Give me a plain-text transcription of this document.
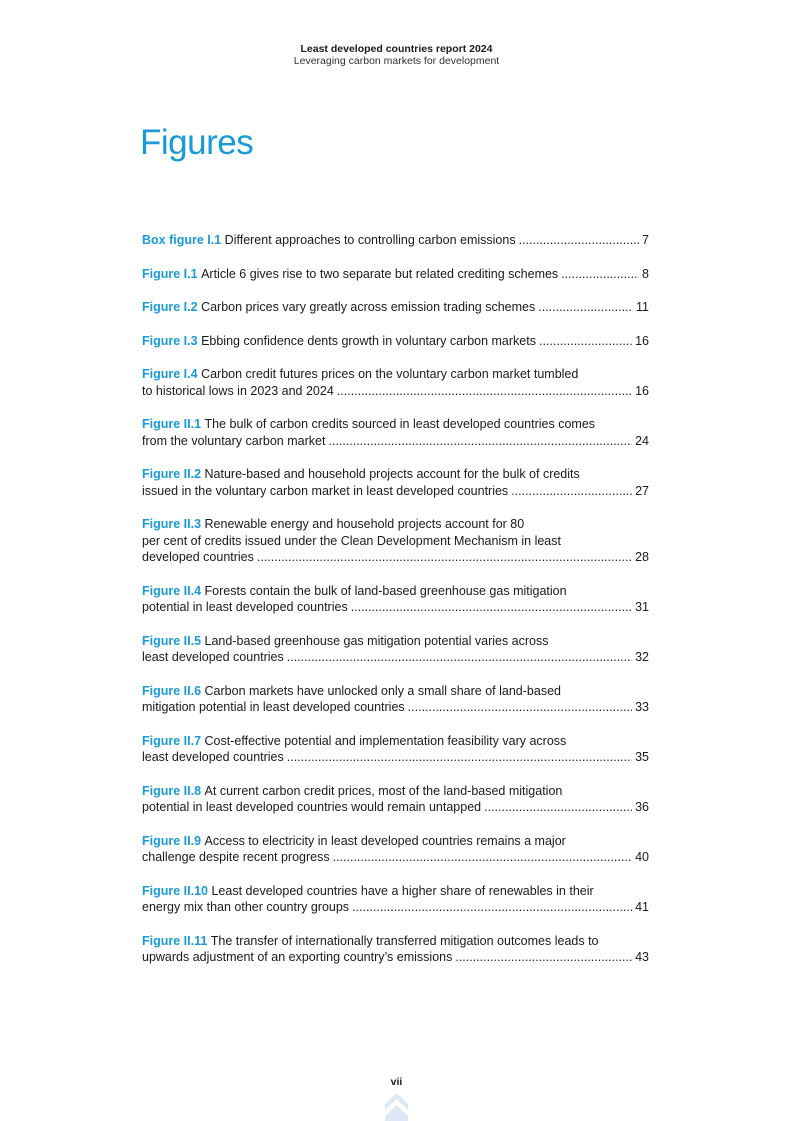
Least developed countries report 2024
Leveraging carbon markets for development
Figures
Box figure I.1
Different approaches to controlling carbon emissions .....	7
Figure I.1
Article 6 gives rise to two separate but related crediting schemes .....	8
Figure I.2
Carbon prices vary greatly across emission trading schemes .....	11
Figure I.3
Ebbing confidence dents growth in voluntary carbon markets .....	16
Figure I.4
Carbon credit futures prices on the voluntary carbon market tumbled
to historical lows in 2023 and 2024 .....	16
Figure II.1
The bulk of carbon credits sourced in least developed countries comes
from the voluntary carbon market .....	24
Figure II.2
Nature-based and household projects account for the bulk of credits
issued in the voluntary carbon market in least developed countries .....	27
Figure II.3
Renewable energy and household projects account for 80
per cent of credits issued under the Clean Development Mechanism in least
developed countries .....	28
Figure II.4
Forests contain the bulk of land-based greenhouse gas mitigation
potential in least developed countries .....	31
Figure II.5
Land-based greenhouse gas mitigation potential varies across
least developed countries .....	32
Figure II.6
Carbon markets have unlocked only a small share of land-based
mitigation potential in least developed countries .....	33
Figure II.7
Cost-effective potential and implementation feasibility vary across
least developed countries .....	35
Figure II.8
At current carbon credit prices, most of the land-based mitigation
potential in least developed countries would remain untapped .....	36
Figure II.9
Access to electricity in least developed countries remains a major
challenge despite recent progress .....	40
Figure II.10
Least developed countries have a higher share of renewables in their
energy mix than other country groups .....	41
Figure II.11
The transfer of internationally transferred mitigation outcomes leads to
upwards adjustment of an exporting country’s emissions .....	43
vii
